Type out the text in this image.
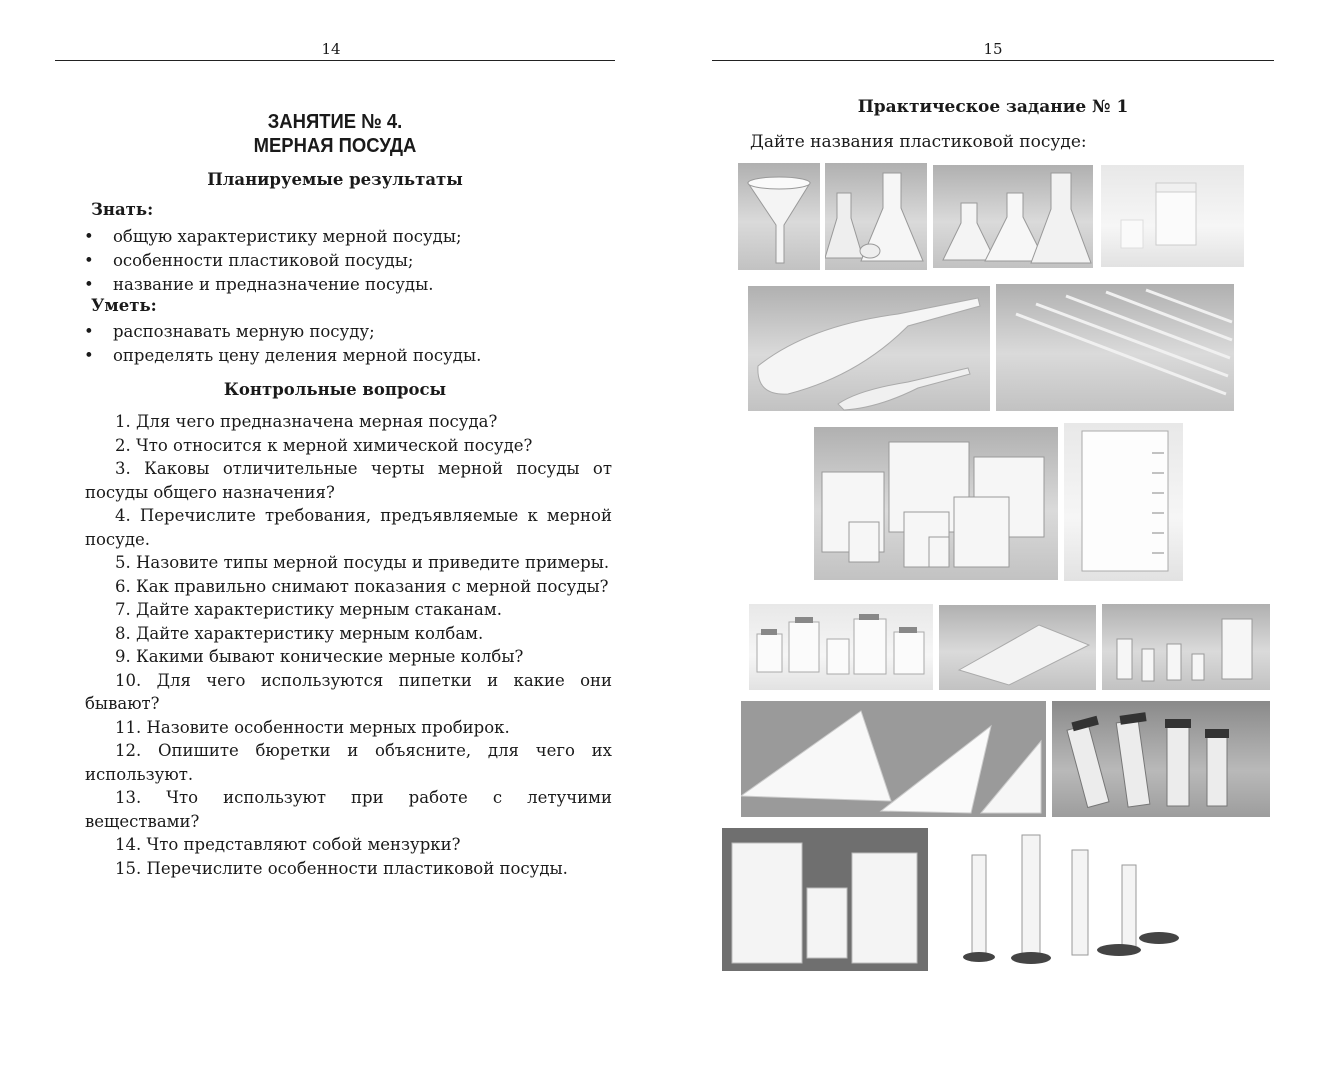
14
ЗАНЯТИЕ № 4.
МЕРНАЯ ПОСУДА
Планируемые результаты
Знать:
• общую характеристику мерной посуды;
• особенности пластиковой посуды;
• название и предназначение посуды.
Уметь:
• распознавать мерную посуду;
• определять цену деления мерной посуды.
Контрольные вопросы

1. Для чего предназначена мерная посуда?

2. Что относится к мерной химической посуде?

3. Каковы отличительные черты мерной посуды от посуды общего назначения?

4. Перечислите требования, предъявляемые к мерной посуде.

5. Назовите типы мерной посуды и приведите примеры.

6. Как правильно снимают показания с мерной посуды?

7. Дайте характеристику мерным стаканам.

8. Дайте характеристику мерным колбам.

9. Какими бывают конические мерные колбы?

10. Для чего используются пипетки и какие они бывают?

11. Назовите особенности мерных пробирок.

12. Опишите бюретки и объясните, для чего их используют.

13. Что используют при работе с летучими веществами?

14. Что представляют собой мензурки?

15. Перечислите особенности пластиковой посуды.

15
Практическое задание № 1
Дайте названия пластиковой посуде:
